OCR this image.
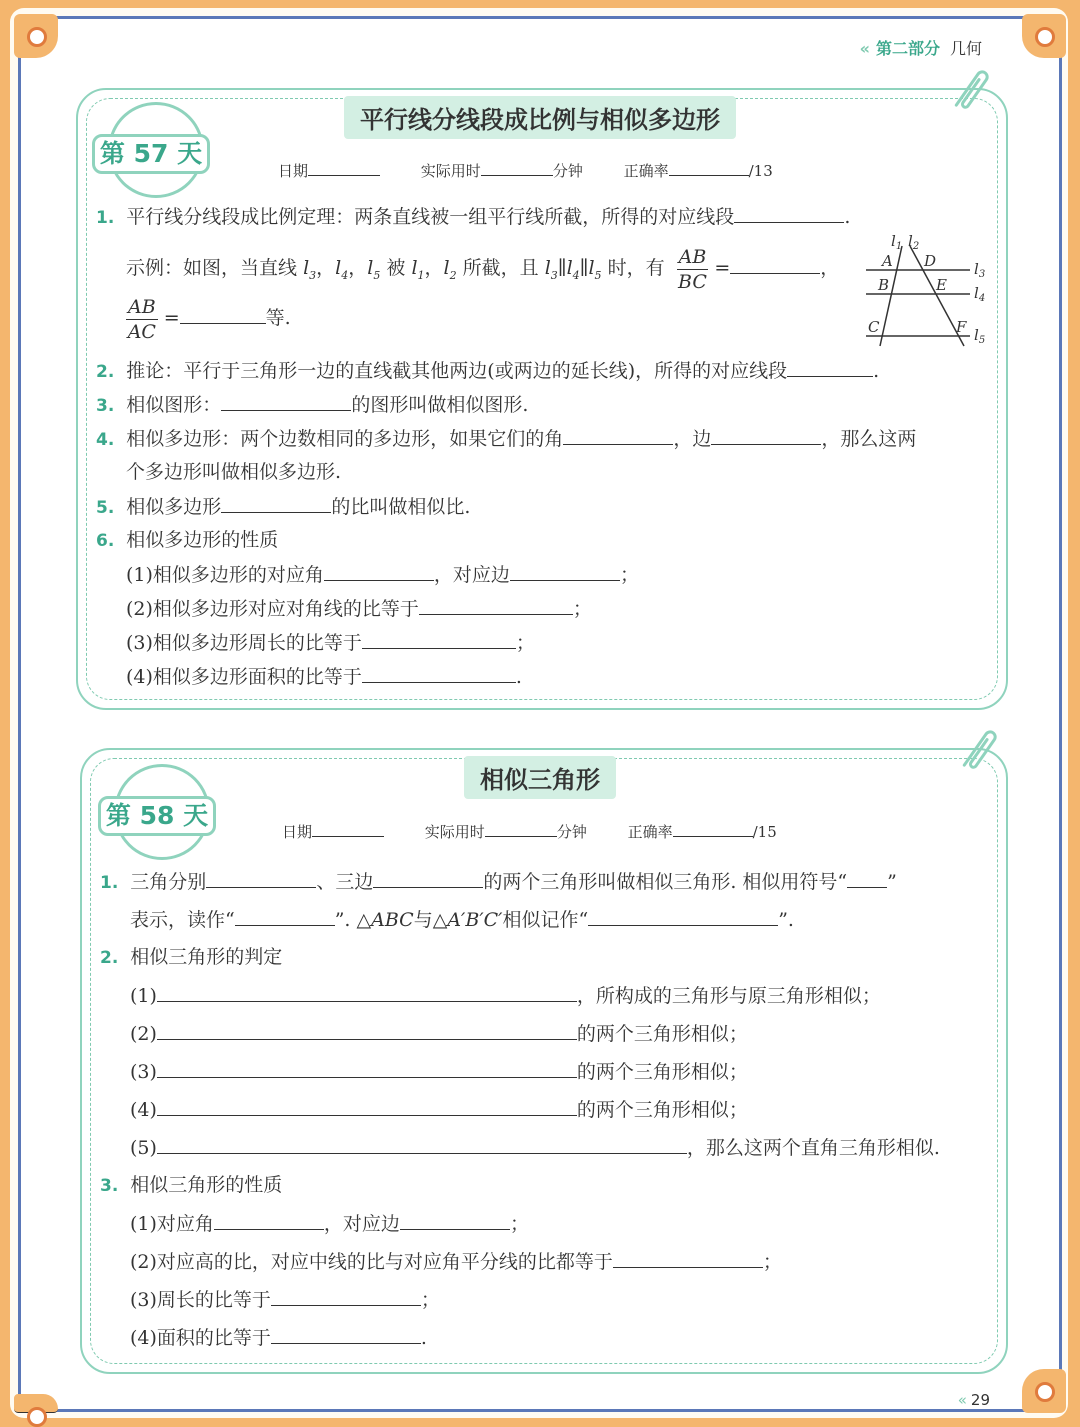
« 第二部分 几何
平行线分线段成比例与相似多边形
第 57 天
日期	实际用时	分钟	正确率	/13
1. 平行线分线段成比例定理：两条直线被一组平行线所截，所得的对应线段	.
示例：如图，当直线 $l_3$，$l_4$，$l_5$ 被 $l_1$，$l_2$ 所截，且 $l_3\parallel l_4\parallel l_5$ 时，有 $\frac{AB}{BC}$ =	，
$\frac{AB}{AC}$ =	等.
$l_1$ $l_2$
A D	$l_3$
B	E $l_4$
C	F $l_5$
2. 推论：平行于三角形一边的直线截其他两边(或两边的延长线)，所得的对应线段	.
3. 相似图形：	的图形叫做相似图形.
4. 相似多边形：两个边数相同的多边形，如果它们的角	，边	，那么这两
个多边形叫做相似多边形.
5. 相似多边形	的比叫做相似比.
6. 相似多边形的性质
(1)相似多边形的对应角	，对应边	；
(2)相似多边形对应对角线的比等于	；
(3)相似多边形周长的比等于	；
(4)相似多边形面积的比等于	.
相似三角形
第 58 天
日期	实际用时	分钟	正确率	/15
1. 三角分别	、三边	的两个三角形叫做相似三角形. 相似用符号“ ”
表示，读作“	”. △ABC与△A′B′C′相似记作“	”.
2. 相似三角形的判定
(1)	，所构成的三角形与原三角形相似；
(2)	的两个三角形相似；
(3)	的两个三角形相似；
(4)	的两个三角形相似；
(5)	，那么这两个直角三角形相似.
3. 相似三角形的性质
(1)对应角	，对应边	；
(2)对应高的比，对应中线的比与对应角平分线的比都等于	；
(3)周长的比等于	；
(4)面积的比等于	.
« 29
